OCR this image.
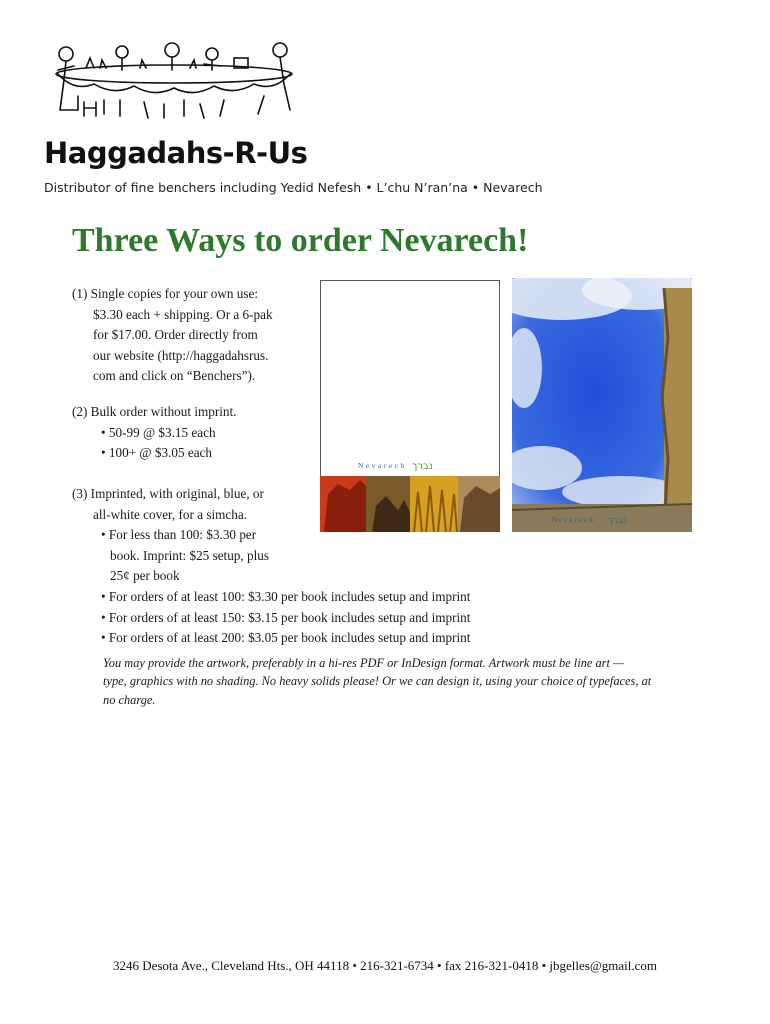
Haggadahs-R-Us
Distributor of fine benchers including Yedid Nefesh • L’chu N’ran’na • Nevarech
Three Ways to order Nevarech!
(1) Single copies for your own use:
$3.30 each + shipping. Or a 6-pak
for $17.00. Order directly from
our website (http://haggadahsrus.
com and click on “Benchers”).
(2) Bulk order without imprint.
• 50-99 @ $3.15 each
• 100+ @ $3.05 each
(3) Imprinted, with original, blue, or
all-white cover, for a simcha.
• For less than 100: $3.30 per
book. Imprint: $25 setup, plus
25¢ per book
• For orders of at least 100: $3.30 per book includes setup and imprint
• For orders of at least 150: $3.15 per book includes setup and imprint
• For orders of at least 200: $3.05 per book includes setup and imprint
You may provide the artwork, preferably in a hi-res PDF or InDesign format. Artwork must be line art —
type, graphics with no shading. No heavy solids please! Or we can design it, using your choice of typefaces, at
no charge.
Nevarech נברך
Nevarech נברך
3246 Desota Ave., Cleveland Hts., OH 44118 • 216-321-6734 • fax 216-321-0418 • jbgelles@gmail.com
